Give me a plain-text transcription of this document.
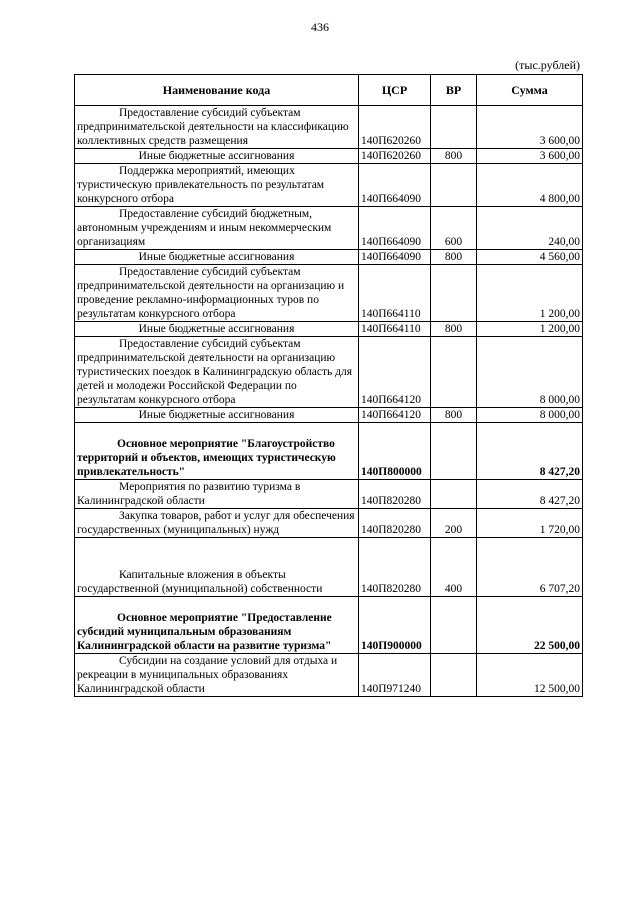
436
(тыс.рублей)
Наименование кода	ЦСР	ВР	Сумма
Предоставление субсидий субъектам предпринимательской деятельности на классификацию коллективных средств размещения	140П620260		3 600,00
Иные бюджетные ассигнования	140П620260	800	3 600,00
Поддержка мероприятий, имеющих туристическую привлекательность по результатам конкурсного отбора	140П664090		4 800,00
Предоставление субсидий бюджетным, автономным учреждениям и иным некоммерческим организациям	140П664090	600	240,00
Иные бюджетные ассигнования	140П664090	800	4 560,00
Предоставление субсидий субъектам предпринимательской деятельности на организацию и проведение рекламно-информационных туров по результатам конкурсного отбора	140П664110		1 200,00
Иные бюджетные ассигнования	140П664110	800	1 200,00
Предоставление субсидий субъектам предпринимательской деятельности на организацию туристических поездок в Калининградскую область для детей и молодежи Российской Федерации по результатам конкурсного отбора	140П664120		8 000,00
Иные бюджетные ассигнования	140П664120	800	8 000,00
Основное мероприятие "Благоустройство территорий и объектов, имеющих туристическую привлекательность"	140П800000		8 427,20
Мероприятия по развитию туризма в Калининградской области	140П820280		8 427,20
Закупка товаров, работ и услуг для обеспечения государственных (муниципальных) нужд	140П820280	200	1 720,00
Капитальные вложения в объекты государственной (муниципальной) собственности	140П820280	400	6 707,20
Основное мероприятие "Предоставление субсидий муниципальным образованиям Калининградской области на развитие туризма"	140П900000		22 500,00
Субсидии на создание условий для отдыха и рекреации в муниципальных образованиях Калининградской области	140П971240		12 500,00
